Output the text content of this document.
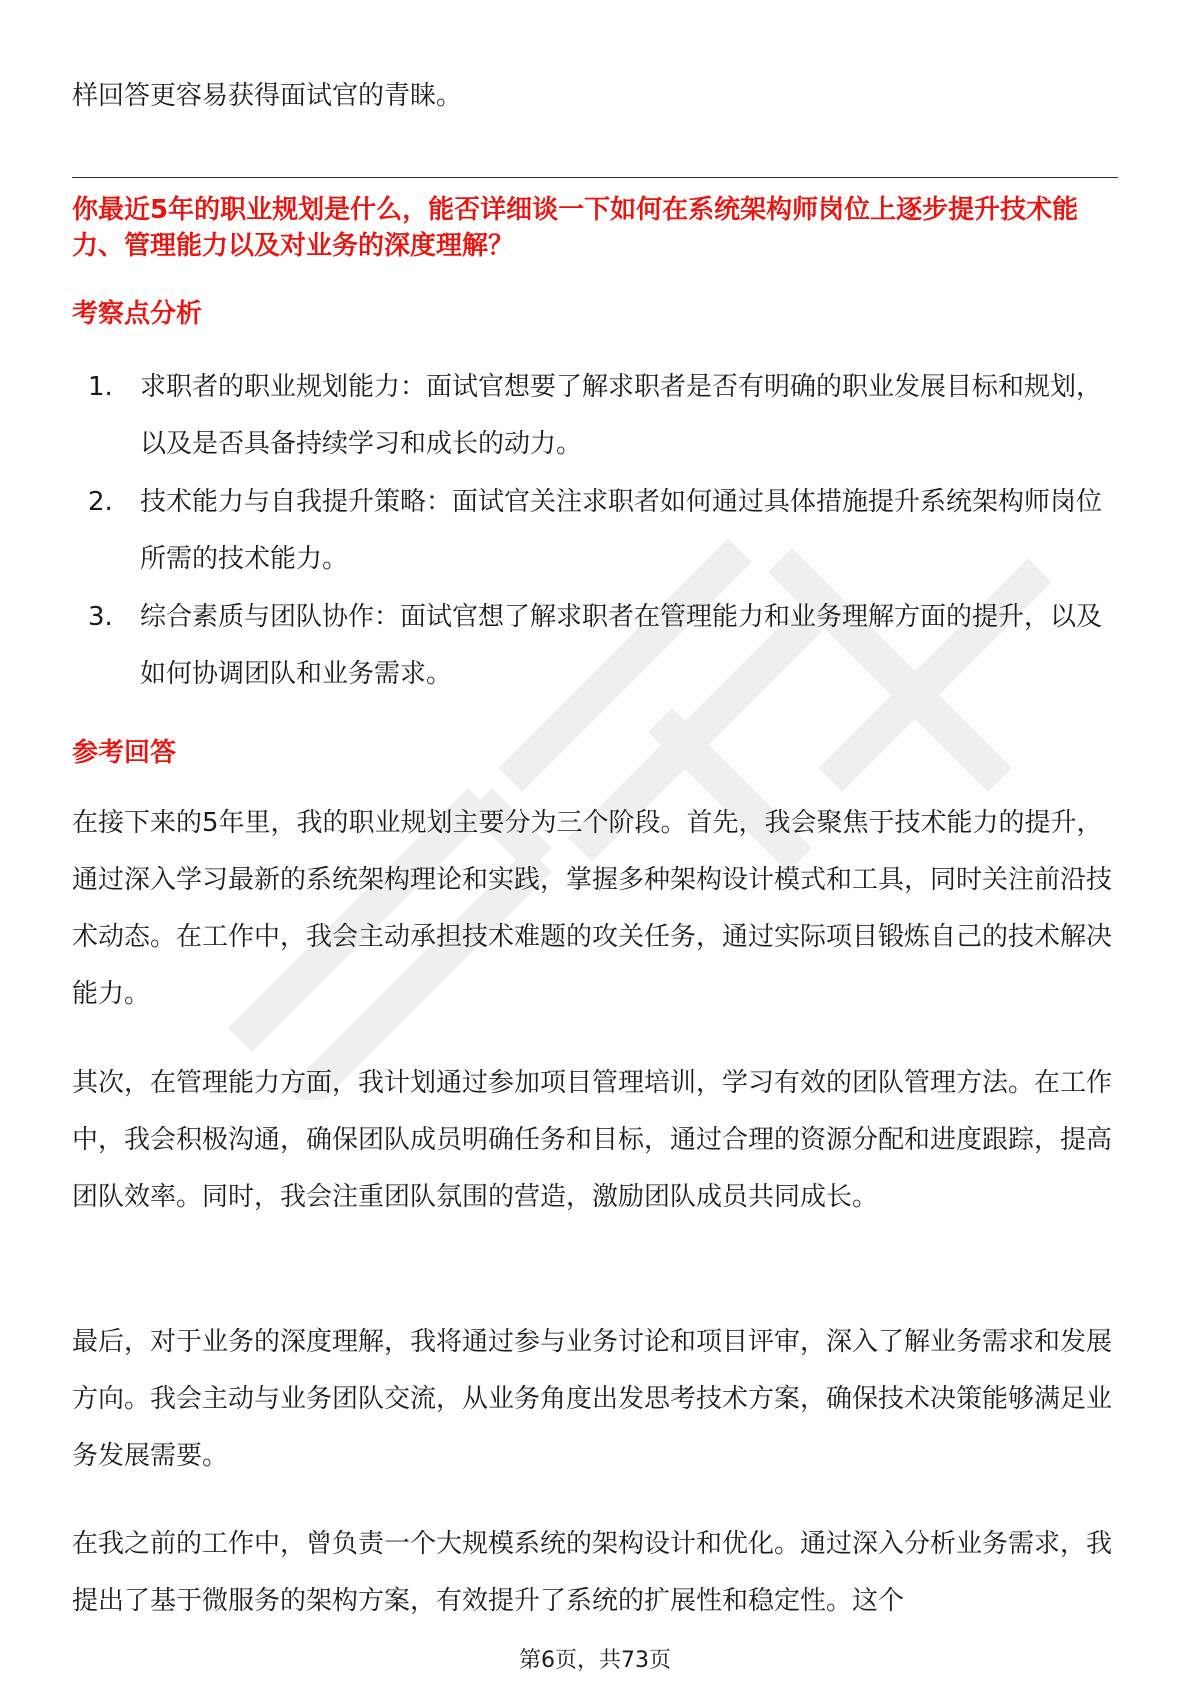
样回答更容易获得面试官的青睐。

你最近5年的职业规划是什么，能否详细谈一下如何在系统架构师岗位上逐步提升技术能力、管理能力以及对业务的深度理解？

考察点分析

1.	求职者的职业规划能力：面试官想要了解求职者是否有明确的职业发展目标和规划，以及是否具备持续学习和成长的动力。
2.	技术能力与自我提升策略：面试官关注求职者如何通过具体措施提升系统架构师岗位所需的技术能力。
3.	综合素质与团队协作：面试官想了解求职者在管理能力和业务理解方面的提升，以及如何协调团队和业务需求。

参考回答

在接下来的5年里，我的职业规划主要分为三个阶段。首先，我会聚焦于技术能力的提升，通过深入学习最新的系统架构理论和实践，掌握多种架构设计模式和工具，同时关注前沿技术动态。在工作中，我会主动承担技术难题的攻关任务，通过实际项目锻炼自己的技术解决能力。

其次，在管理能力方面，我计划通过参加项目管理培训，学习有效的团队管理方法。在工作中，我会积极沟通，确保团队成员明确任务和目标，通过合理的资源分配和进度跟踪，提高团队效率。同时，我会注重团队氛围的营造，激励团队成员共同成长。

最后，对于业务的深度理解，我将通过参与业务讨论和项目评审，深入了解业务需求和发展方向。我会主动与业务团队交流，从业务角度出发思考技术方案，确保技术决策能够满足业务发展需要。

在我之前的工作中，曾负责一个大规模系统的架构设计和优化。通过深入分析业务需求，我提出了基于微服务的架构方案，有效提升了系统的扩展性和稳定性。这个

第6页，共73页
